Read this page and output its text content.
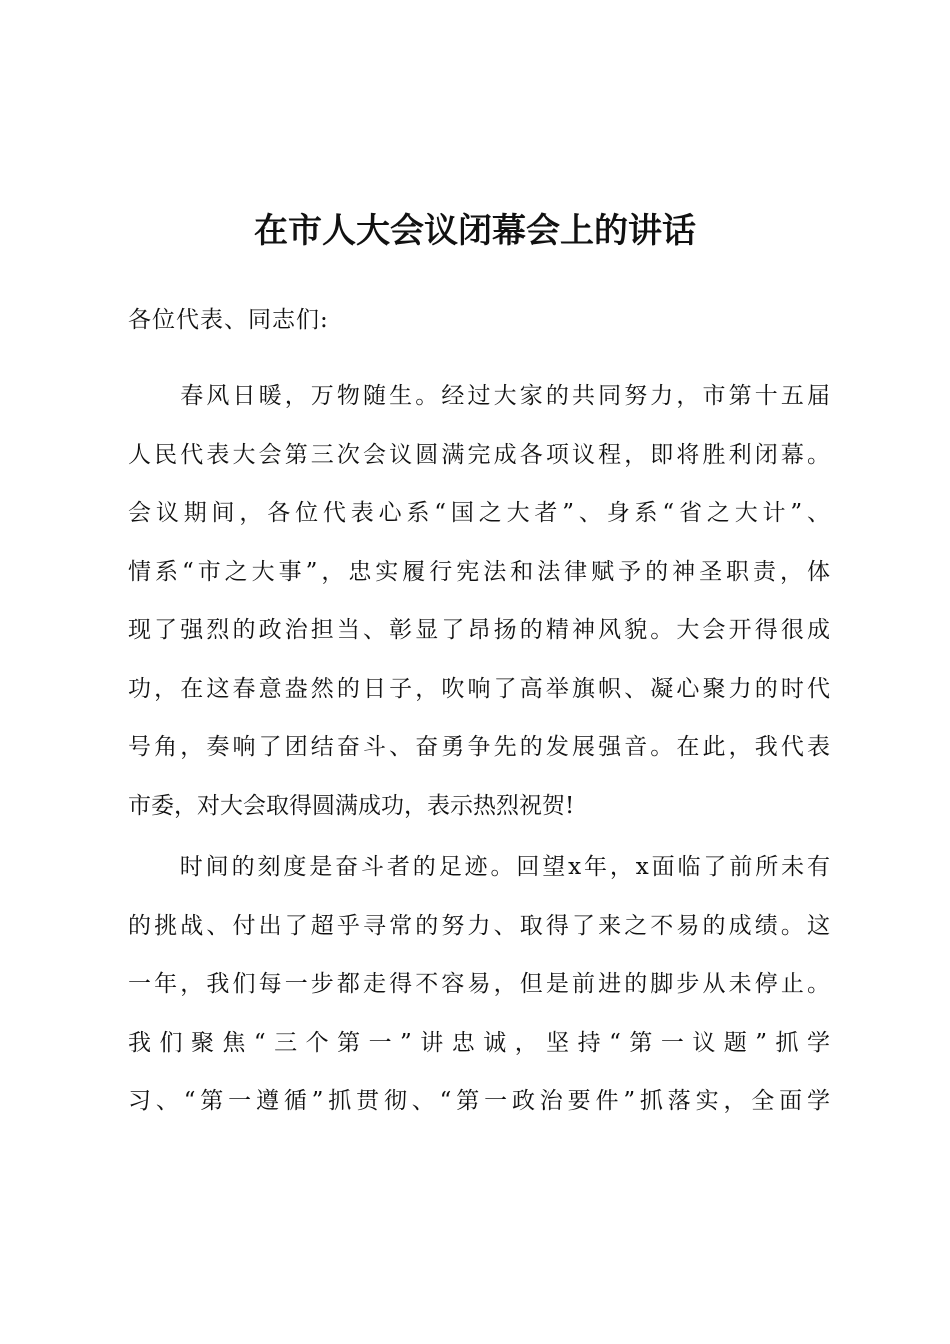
在市人大会议闭幕会上的讲话

各位代表、同志们:

　　春风日暖，万物随生。经过大家的共同努力，市第十五届
人民代表大会第三次会议圆满完成各项议程，即将胜利闭幕。
会议期间，各位代表心系“国之大者”、身系“省之大计”、
情系“市之大事”，忠实履行宪法和法律赋予的神圣职责，体
现了强烈的政治担当、彰显了昂扬的精神风貌。大会开得很成
功，在这春意盎然的日子，吹响了高举旗帜、凝心聚力的时代
号角，奏响了团结奋斗、奋勇争先的发展强音。在此，我代表
市委，对大会取得圆满成功，表示热烈祝贺!
　　时间的刻度是奋斗者的足迹。回望x年，x面临了前所未有
的挑战、付出了超乎寻常的努力、取得了来之不易的成绩。这
一年，我们每一步都走得不容易，但是前进的脚步从未停止。
我们聚焦“三个第一”讲忠诚，坚持“第一议题”抓学
习、“第一遵循”抓贯彻、“第一政治要件”抓落实，全面学
